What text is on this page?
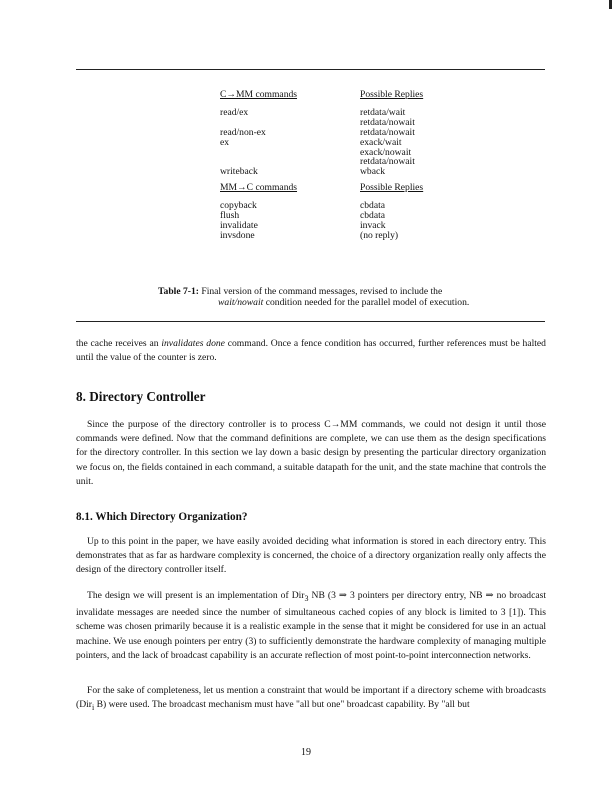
C→MM commands	Possible Replies
read/ex	retdata/wait
retdata/nowait
read/non-ex	retdata/nowait
ex	exack/wait
exack/nowait
retdata/nowait
writeback	wback
MM→C commands	Possible Replies
copyback	cbdata
flush	cbdata
invalidate	invack
invsdone	(no reply)
Table 7-1: Final version of the command messages, revised to include the
wait/nowait condition needed for the parallel model of execution.

the cache receives an invalidates done command. Once a fence condition has occurred, further references must be halted until the value of the counter is zero.

8. Directory Controller

Since the purpose of the directory controller is to process C→MM commands, we could not design it until those commands were defined. Now that the command definitions are complete, we can use them as the design specifications for the directory controller. In this section we lay down a basic design by presenting the particular directory organization we focus on, the fields contained in each command, a suitable datapath for the unit, and the state machine that controls the unit.

8.1. Which Directory Organization?

Up to this point in the paper, we have easily avoided deciding what information is stored in each directory entry. This demonstrates that as far as hardware complexity is concerned, the choice of a directory organization really only affects the design of the directory controller itself.

The design we will present is an implementation of Dir$_3$ NB (3 ⇒ 3 pointers per directory entry, NB ⇒ no broadcast invalidate messages are needed since the number of simultaneous cached copies of any block is limited to 3 [1]). This scheme was chosen primarily because it is a realistic example in the sense that it might be considered for use in an actual machine. We use enough pointers per entry (3) to sufficiently demonstrate the hardware complexity of managing multiple pointers, and the lack of broadcast capability is an accurate reflection of most point-to-point interconnection networks.

For the sake of completeness, let us mention a constraint that would be important if a directory scheme with broadcasts (Dir$_i$ B) were used. The broadcast mechanism must have "all but one" broadcast capability. By "all but

19
